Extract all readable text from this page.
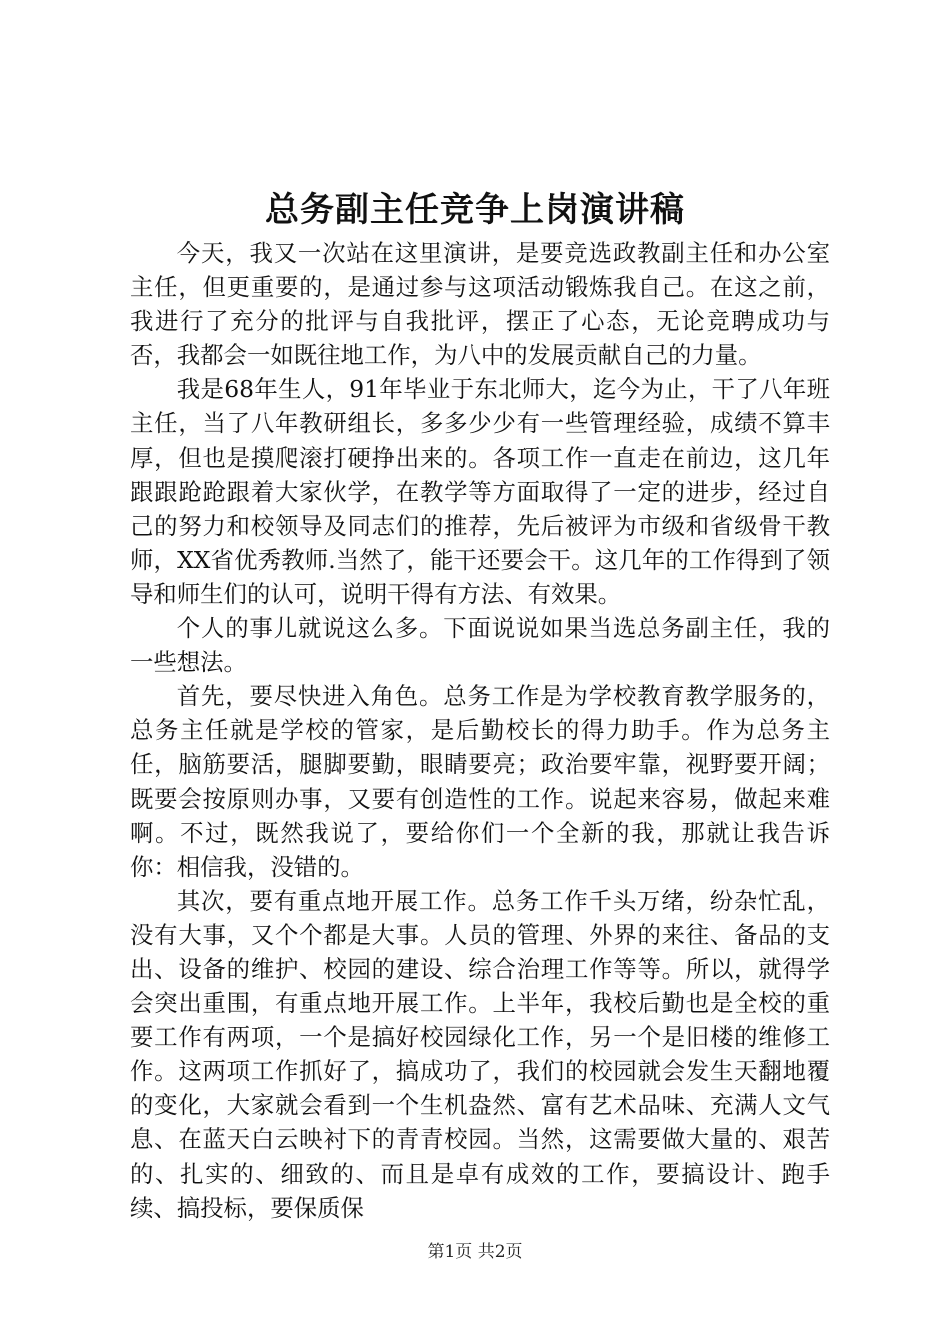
总务副主任竞争上岗演讲稿

今天，我又一次站在这里演讲，是要竞选政教副主任和办公室主任，但更重要的，是通过参与这项活动锻炼我自己。在这之前，我进行了充分的批评与自我批评，摆正了心态，无论竞聘成功与否，我都会一如既往地工作，为八中的发展贡献自己的力量。

我是68年生人，91年毕业于东北师大，迄今为止，干了八年班主任，当了八年教研组长，多多少少有一些管理经验，成绩不算丰厚，但也是摸爬滚打硬挣出来的。各项工作一直走在前边，这几年跟跟跄跄跟着大家伙学，在教学等方面取得了一定的进步，经过自己的努力和校领导及同志们的推荐，先后被评为市级和省级骨干教师，XX省优秀教师.当然了，能干还要会干。这几年的工作得到了领导和师生们的认可，说明干得有方法、有效果。

个人的事儿就说这么多。下面说说如果当选总务副主任，我的一些想法。

首先，要尽快进入角色。总务工作是为学校教育教学服务的，总务主任就是学校的管家，是后勤校长的得力助手。作为总务主任，脑筋要活，腿脚要勤，眼睛要亮；政治要牢靠，视野要开阔；既要会按原则办事，又要有创造性的工作。说起来容易，做起来难啊。不过，既然我说了，要给你们一个全新的我，那就让我告诉你：相信我，没错的。

其次，要有重点地开展工作。总务工作千头万绪，纷杂忙乱，没有大事，又个个都是大事。人员的管理、外界的来往、备品的支出、设备的维护、校园的建设、综合治理工作等等。所以，就得学会突出重围，有重点地开展工作。上半年，我校后勤也是全校的重要工作有两项，一个是搞好校园绿化工作，另一个是旧楼的维修工作。这两项工作抓好了，搞成功了，我们的校园就会发生天翻地覆的变化，大家就会看到一个生机盎然、富有艺术品味、充满人文气息、在蓝天白云映衬下的青青校园。当然，这需要做大量的、艰苦的、扎实的、细致的、而且是卓有成效的工作，要搞设计、跑手续、搞投标，要保质保

第1页 共2页
